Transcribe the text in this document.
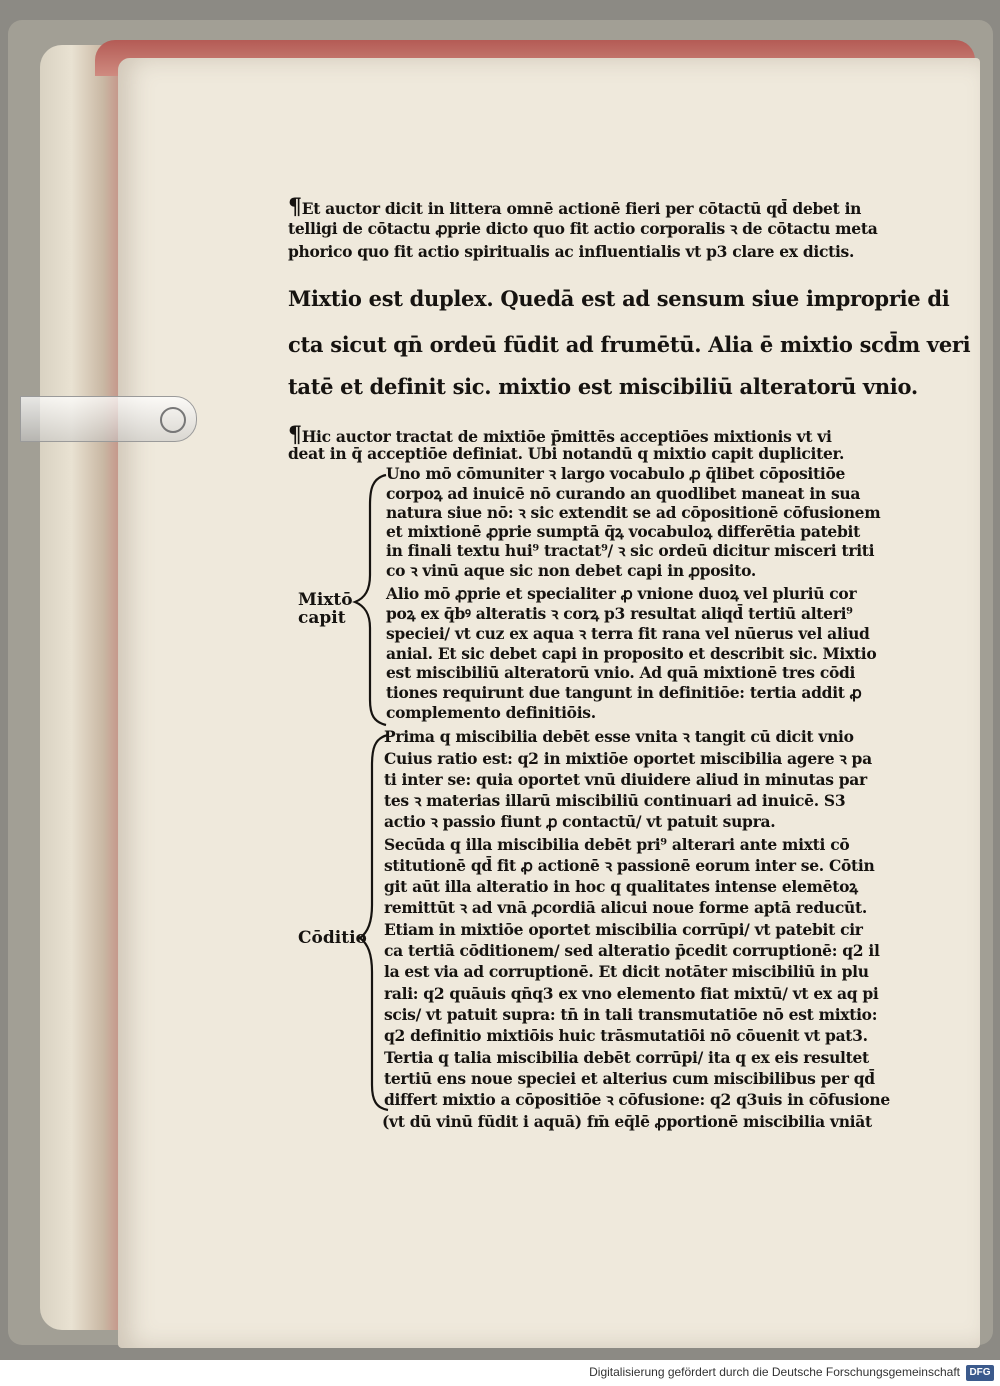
¶Et auctor dicit in littera omnē actionē fieri per cōtactū qd̄ debet in
telligi de cōtactu ꝓprie dicto quo fit actio corporalis ꝛ de cōtactu meta
phorico quo fit actio spiritualis ac influentialis vt p3 clare ex dictis.
Mixtio est duplex. Quedā est ad sensum siue improprie di
cta sicut qn̄ ordeū fūdit ad frumētū. Alia ē mixtio scd̄m veri
tatē et definit sic. mixtio est miscibiliū alteratorū vnio.
¶Hic auctor tractat de mixtiōe p̄mittēs acceptiōes mixtionis vt vi
deat in q̄ acceptiōe definiat. Ubi notandū q mixtio capit dupliciter.
Uno mō cōmuniter ꝛ largo vocabulo ꝓ q̄libet cōpositiōe
corpoꝝ ad inuicē nō curando an quodlibet maneat in sua
natura siue nō: ꝛ sic extendit se ad cōpositionē cōfusionem
et mixtionē ꝓprie sumptā q̄ꝝ vocabuloꝝ differētia patebit
in finali textu hui⁹ tractat⁹/ ꝛ sic ordeū dicitur misceri triti
co ꝛ vinū aque sic non debet capi in ꝓposito.
Alio mō ꝓprie et specialiter ꝓ vnione duoꝝ vel pluriū cor
poꝝ ex q̄bꝰ alteratis ꝛ corꝝ p3 resultat aliqd̄ tertiū alteri⁹
speciei/ vt cuz ex aqua ꝛ terra fit rana vel nūerus vel aliud
anial. Et sic debet capi in proposito et describit sic. Mixtio
est miscibiliū alteratorū vnio. Ad quā mixtionē tres cōdi
tiones requirunt due tangunt in definitiōe: tertia addit ꝓ
complemento definitiōis.
Prima q miscibilia debēt esse vnita ꝛ tangit cū dicit vnio
Cuius ratio est: q2 in mixtiōe oportet miscibilia agere ꝛ pa
ti inter se: quia oportet vnū diuidere aliud in minutas par
tes ꝛ materias illarū miscibiliū continuari ad inuicē. S3
actio ꝛ passio fiunt ꝓ contactū/ vt patuit supra.
Secūda q illa miscibilia debēt pri⁹ alterari ante mixti cō
stitutionē qd̄ fit ꝓ actionē ꝛ passionē eorum inter se. Cōtin
git aūt illa alteratio in hoc q qualitates intense elemētoꝝ
remittūt ꝛ ad vnā ꝓcordiā alicui noue forme aptā reducūt.
Etiam in mixtiōe oportet miscibilia corrūpi/ vt patebit cir
ca tertiā cōditionem/ sed alteratio p̄cedit corruptionē: q2 il
la est via ad corruptionē. Et dicit notāter miscibiliū in plu
rali: q2 quāuis qn̄q3 ex vno elemento fiat mixtū/ vt ex aq pi
scis/ vt patuit supra: tn̄ in tali transmutatiōe nō est mixtio:
q2 definitio mixtiōis huic trāsmutatiōi nō cōuenit vt pat3.
Tertia q talia miscibilia debēt corrūpi/ ita q ex eis resultet
tertiū ens noue speciei et alterius cum miscibilibus per qd̄
differt mixtio a cōpositiōe ꝛ cōfusione: q2 q3uis in cōfusione
(vt dū vinū fūdit i aquā) fm̄ eq̄lē ꝓportionē miscibilia vniāt
Mixtō
capit
Cōditio
Digitalisierung gefördert durch die Deutsche Forschungsgemeinschaft DFG
